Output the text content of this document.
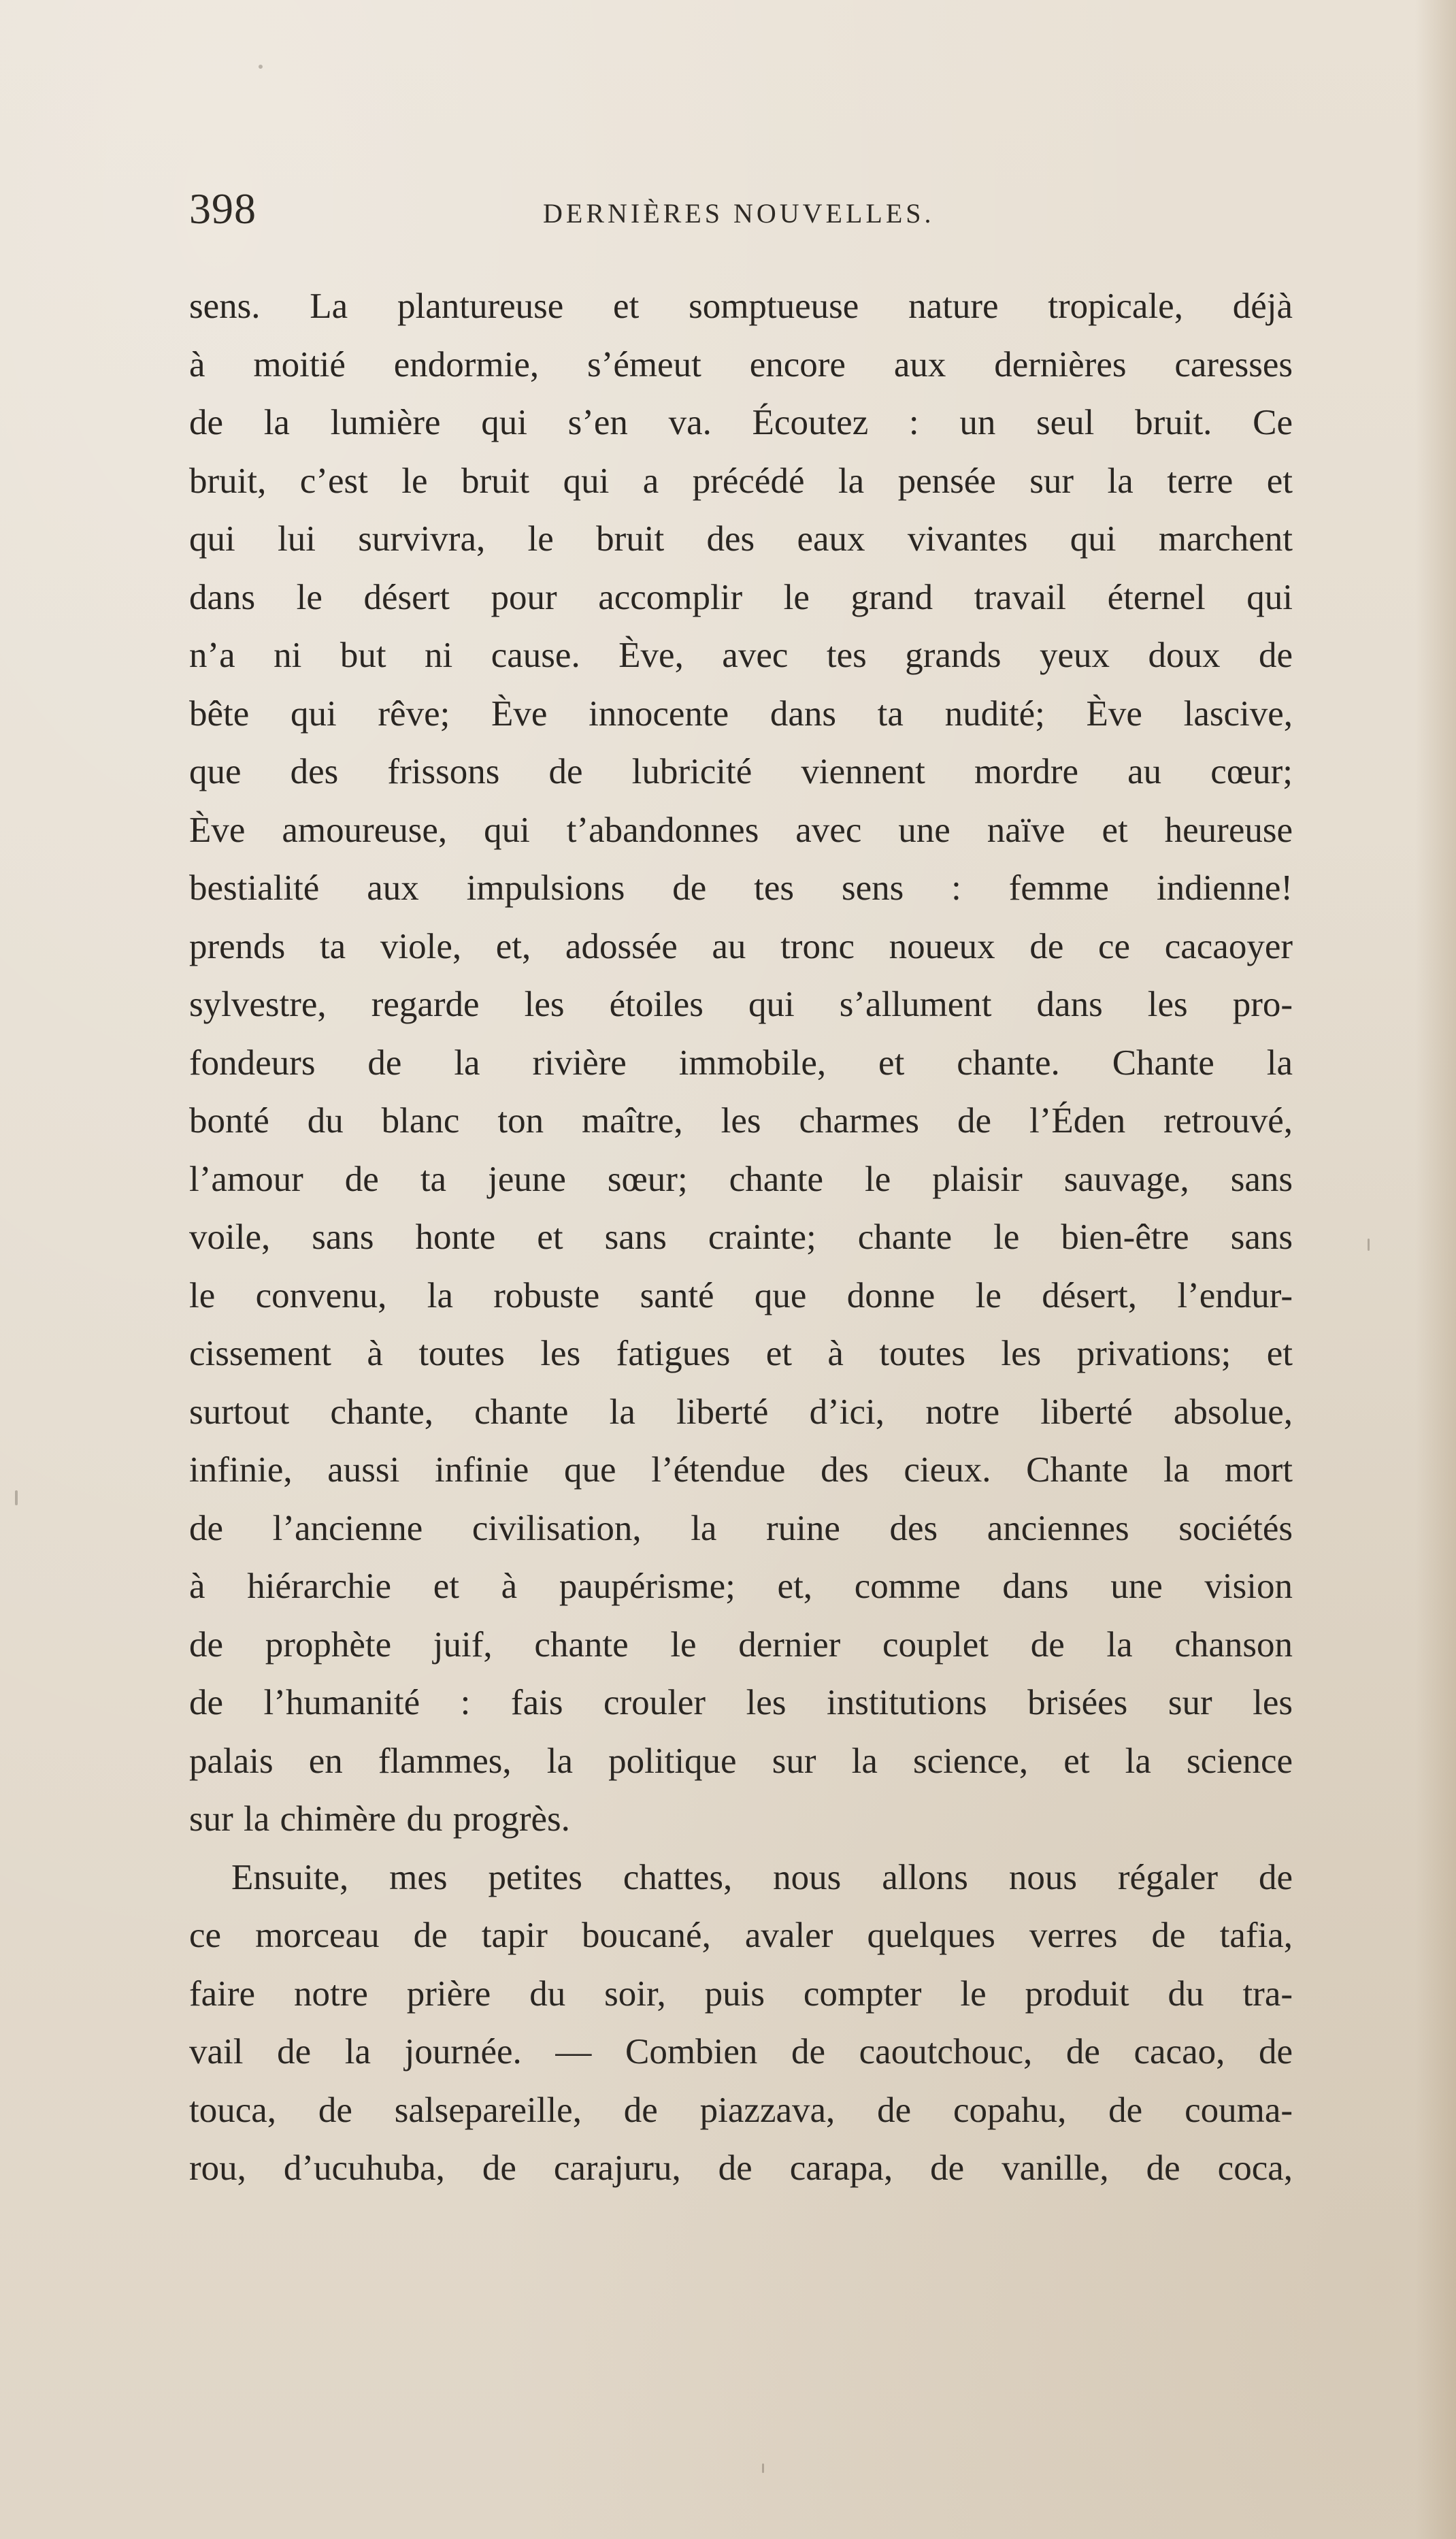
398	DERNIÈRES NOUVELLES.
sens. La plantureuse et somptueuse nature tropicale, déjà
à moitié endormie, s’émeut encore aux dernières caresses
de la lumière qui s’en va. Écoutez : un seul bruit. Ce
bruit, c’est le bruit qui a précédé la pensée sur la terre et
qui lui survivra, le bruit des eaux vivantes qui marchent
dans le désert pour accomplir le grand travail éternel qui
n’a ni but ni cause. Ève, avec tes grands yeux doux de
bête qui rêve; Ève innocente dans ta nudité; Ève lascive,
que des frissons de lubricité viennent mordre au cœur;
Ève amoureuse, qui t’abandonnes avec une naïve et heureuse
bestialité aux impulsions de tes sens : femme indienne!
prends ta viole, et, adossée au tronc noueux de ce cacaoyer
sylvestre, regarde les étoiles qui s’allument dans les pro-
fondeurs de la rivière immobile, et chante. Chante la
bonté du blanc ton maître, les charmes de l’Éden retrouvé,
l’amour de ta jeune sœur; chante le plaisir sauvage, sans
voile, sans honte et sans crainte; chante le bien-être sans
le convenu, la robuste santé que donne le désert, l’endur-
cissement à toutes les fatigues et à toutes les privations; et
surtout chante, chante la liberté d’ici, notre liberté absolue,
infinie, aussi infinie que l’étendue des cieux. Chante la mort
de l’ancienne civilisation, la ruine des anciennes sociétés
à hiérarchie et à paupérisme; et, comme dans une vision
de prophète juif, chante le dernier couplet de la chanson
de l’humanité : fais crouler les institutions brisées sur les
palais en flammes, la politique sur la science, et la science
sur la chimère du progrès.
Ensuite, mes petites chattes, nous allons nous régaler de
ce morceau de tapir boucané, avaler quelques verres de tafia,
faire notre prière du soir, puis compter le produit du tra-
vail de la journée. — Combien de caoutchouc, de cacao, de
touca, de salsepareille, de piazzava, de copahu, de couma-
rou, d’ucuhuba, de carajuru, de carapa, de vanille, de coca,
